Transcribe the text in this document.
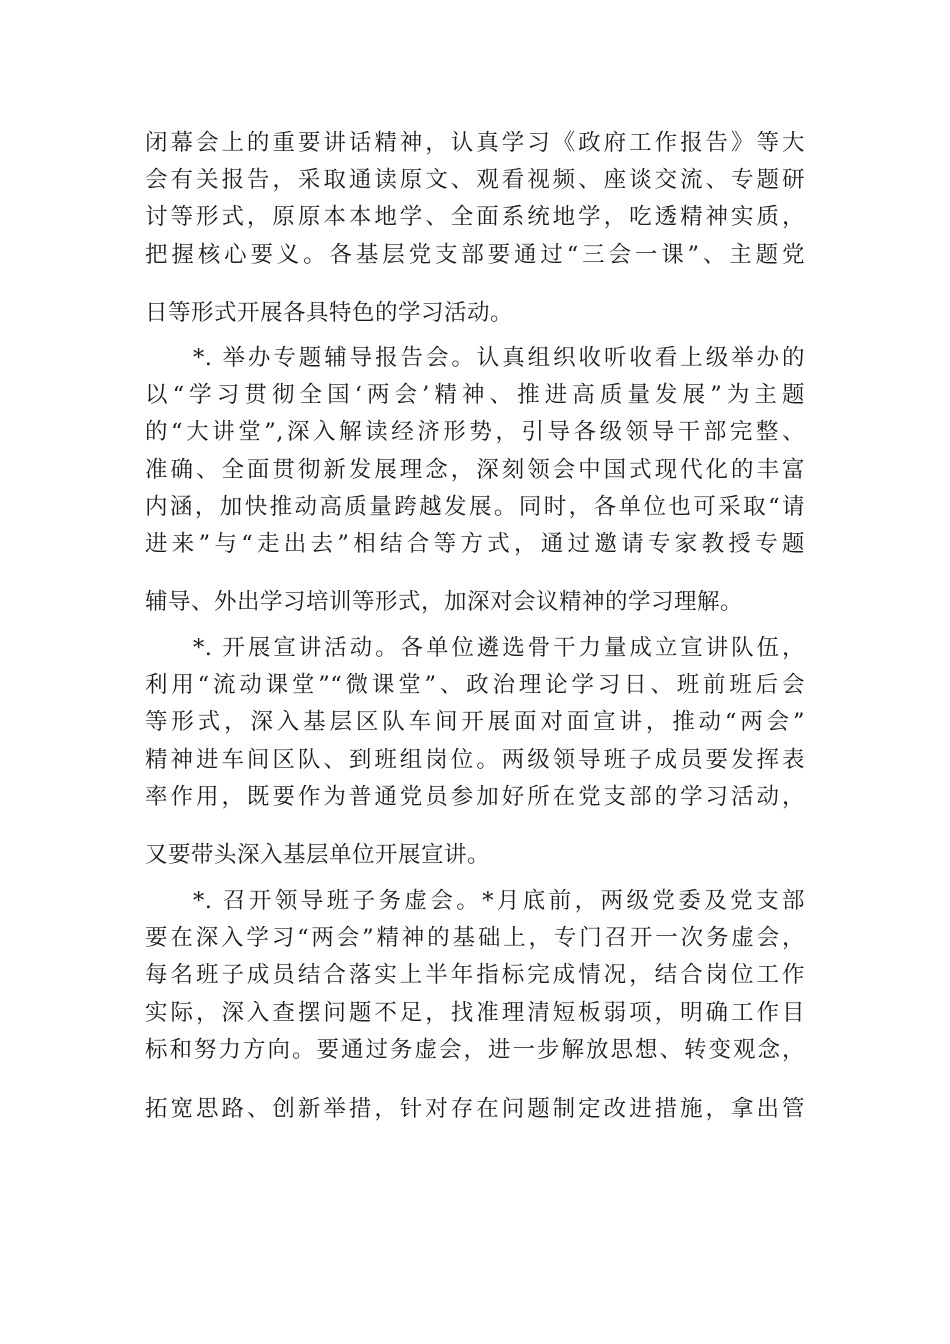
闭幕会上的重要讲话精神，认真学习《政府工作报告》等大
会有关报告，采取通读原文、观看视频、座谈交流、专题研
讨等形式，原原本本地学、全面系统地学，吃透精神实质，
把握核心要义。各基层党支部要通过“三会一课”、主题党
日等形式开展各具特色的学习活动。
*. 举办专题辅导报告会。认真组织收听收看上级举办的
以“学习贯彻全国‘两会’精神、推进高质量发展”为主题
的“大讲堂”,深入解读经济形势，引导各级领导干部完整、
准确、全面贯彻新发展理念，深刻领会中国式现代化的丰富
内涵，加快推动高质量跨越发展。同时，各单位也可采取“请
进来”与“走出去”相结合等方式，通过邀请专家教授专题
辅导、外出学习培训等形式，加深对会议精神的学习理解。
*. 开展宣讲活动。各单位遴选骨干力量成立宣讲队伍，
利用“流动课堂”“微课堂”、政治理论学习日、班前班后会
等形式，深入基层区队车间开展面对面宣讲，推动“两会”
精神进车间区队、到班组岗位。两级领导班子成员要发挥表
率作用，既要作为普通党员参加好所在党支部的学习活动，
又要带头深入基层单位开展宣讲。
*. 召开领导班子务虚会。*月底前，两级党委及党支部
要在深入学习“两会”精神的基础上，专门召开一次务虚会，
每名班子成员结合落实上半年指标完成情况，结合岗位工作
实际，深入查摆问题不足，找准理清短板弱项，明确工作目
标和努力方向。要通过务虚会，进一步解放思想、转变观念，
拓宽思路、创新举措，针对存在问题制定改进措施，拿出管
